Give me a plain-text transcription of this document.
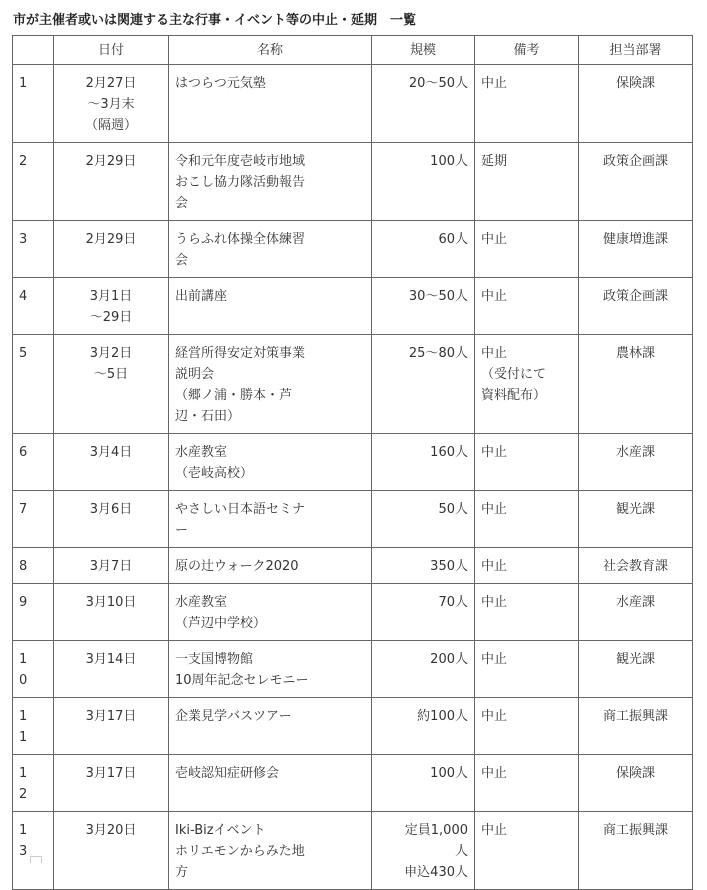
市が主催者或いは関連する主な行事・イベント等の中止・延期　一覧
	日付	名称	規模	備考	担当部署
1	2月27日
～3月末
（隔週）	はつらつ元気塾	20～50人	中止	保険課
2	2月29日	令和元年度壱岐市地域
おこし協力隊活動報告
会	100人	延期	政策企画課
3	2月29日	うらふれ体操全体練習
会	60人	中止	健康増進課
4	3月1日
～29日	出前講座	30～50人	中止	政策企画課
5	3月2日
～5日	経営所得安定対策事業
説明会
（郷ノ浦・勝本・芦
辺・石田）	25～80人	中止
（受付にて
資料配布）	農林課
6	3月4日	水産教室
（壱岐高校）	160人	中止	水産課
7	3月6日	やさしい日本語セミナ
ー	50人	中止	観光課
8	3月7日	原の辻ウォーク2020	350人	中止	社会教育課
9	3月10日	水産教室
（芦辺中学校）	70人	中止	水産課
1
0	3月14日	一支国博物館
10周年記念セレモニー	200人	中止	観光課
1
1	3月17日	企業見学バスツアー	約100人	中止	商工振興課
1
2	3月17日	壱岐認知症研修会	100人	中止	保険課
1
3	3月20日	Iki-Bizイベント
ホリエモンからみた地
方	定員1,000
人
申込430人	中止	商工振興課
